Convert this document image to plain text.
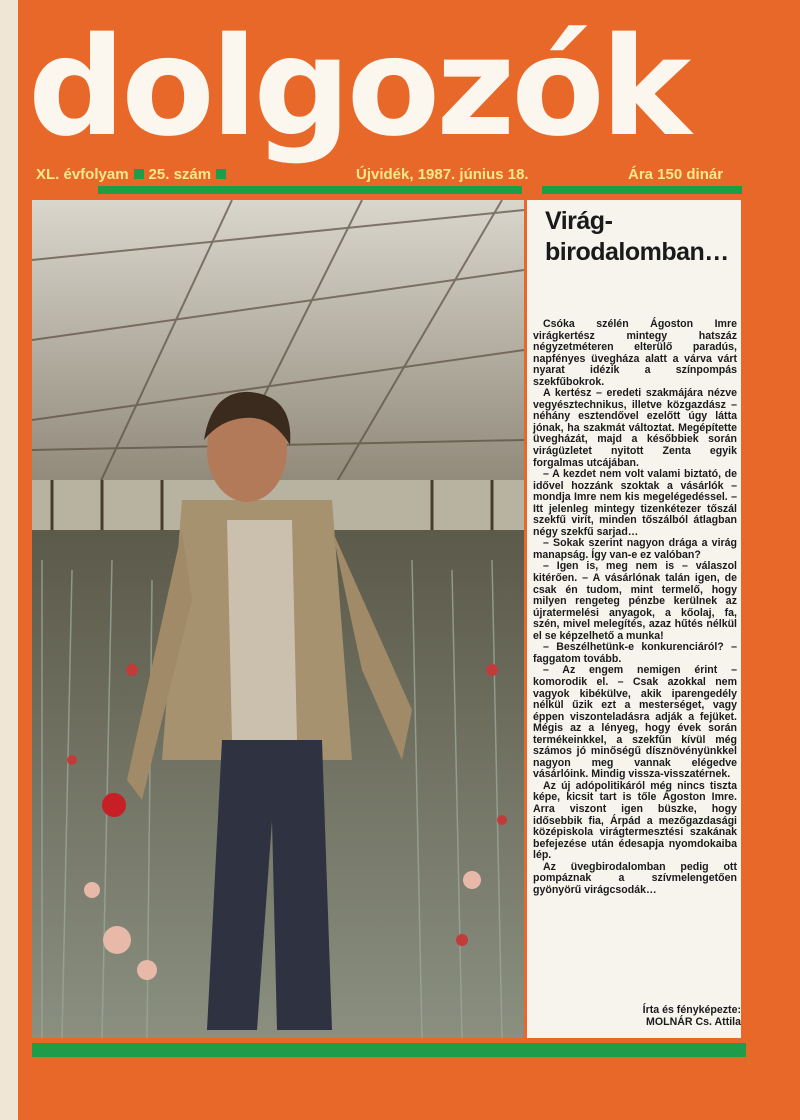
dolgozók
XL. évfolyam 25. szám	Újvidék, 1987. június 18.	Ára 150 dinár
Virág-
birodalomban…

Csóka szélén Ágoston Imre virágkertész mintegy hatszáz négyzetméteren elterülő paradús, napfényes üvegháza alatt a várva várt nyarat idézik a színpompás szekfűbokrok.

A kertész – eredeti szakmájára nézve vegyésztechnikus, illetve közgazdász – néhány esztendővel ezelőtt úgy látta jónak, ha szakmát változtat. Megépítette üvegházát, majd a későbbiek során virágüzletet nyitott Zenta egyik forgalmas utcájában.

– A kezdet nem volt valami biztató, de idővel hozzánk szoktak a vásárlók – mondja Imre nem kis megelégedéssel. – Itt jelenleg mintegy tizenkétezer tőszál szekfű virít, minden tőszálból átlagban négy szekfű sarjad…

– Sokak szerint nagyon drága a virág manapság. Így van-e ez valóban?

– Igen is, meg nem is – válaszol kitérően. – A vásárlónak talán igen, de csak én tudom, mint termelő, hogy milyen rengeteg pénzbe kerülnek az újratermelési anyagok, a kőolaj, fa, szén, mivel melegítés, azaz hűtés nélkül el se képzelhető a munka!

– Beszélhetünk-e konkurenciáról? – faggatom tovább.

– Az engem nemigen érint – komorodik el. – Csak azokkal nem vagyok kibékülve, akik iparengedély nélkül űzik ezt a mesterséget, vagy éppen viszonteladásra adják a fejüket. Mégis az a lényeg, hogy évek során termékeinkkel, a szekfűn kívül még számos jó minőségű dísznövényünkkel nagyon meg vannak elégedve vásárlóink. Mindig vissza-visszatérnek.

Az új adópolitikáról még nincs tiszta képe, kicsit tart is tőle Ágoston Imre. Arra viszont igen büszke, hogy idősebbik fia, Árpád a mezőgazdasági középiskola virágtermesztési szakának befejezése után édesapja nyomdokaiba lép.

Az üvegbirodalomban pedig ott pompáznak a szívmelengetően gyönyörű virágcsodák…

Írta és fényképezte:
MOLNÁR Cs. Attila
